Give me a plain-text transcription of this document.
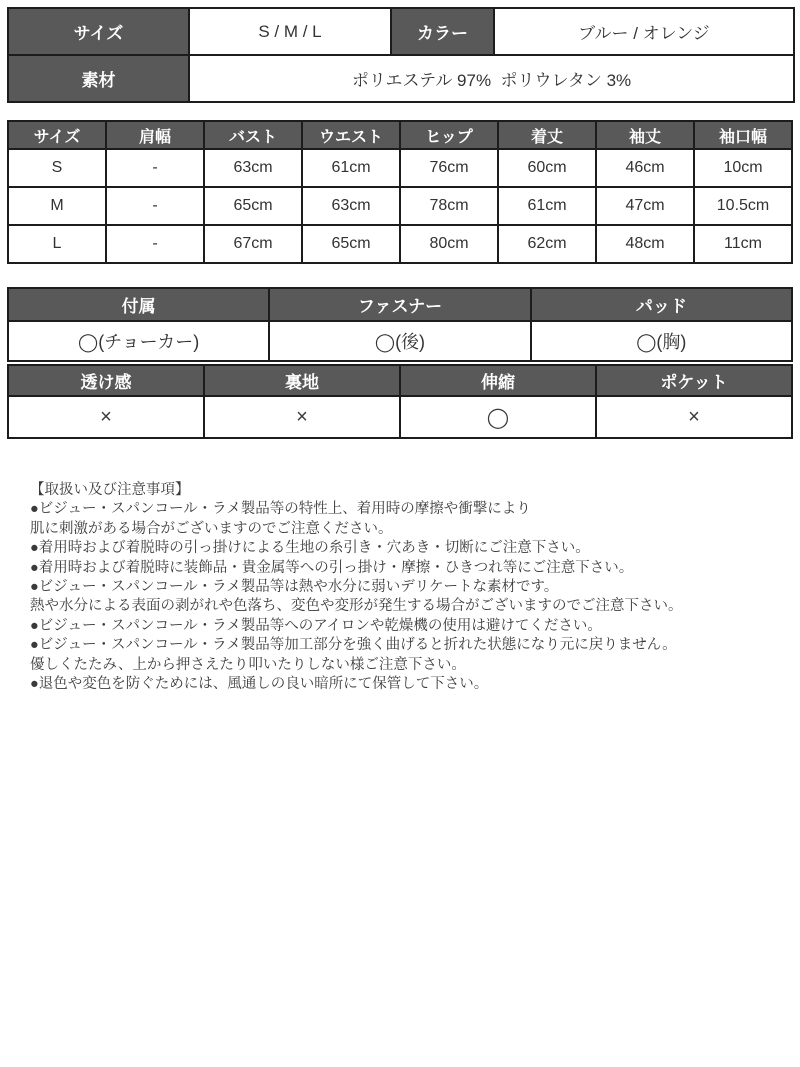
サイズ	S / M / L	カラー	ブルー / オレンジ
素材	ポリエステル 97%  ポリウレタン 3%		
サイズ	肩幅	バスト	ウエスト	ヒップ	着丈	袖丈	袖口幅
S	-	63cm	61cm	76cm	60cm	46cm	10cm
M	-	65cm	63cm	78cm	61cm	47cm	10.5cm
L	-	67cm	65cm	80cm	62cm	48cm	11cm
付属	ファスナー	パッド
◯(チョーカー)	◯(後)	◯(胸)
透け感	裏地	伸縮	ポケット
×	×	◯	×
【取扱い及び注意事項】
●ビジュー・スパンコール・ラメ製品等の特性上、着用時の摩擦や衝撃により
肌に刺激がある場合がございますのでご注意ください。
●着用時および着脱時の引っ掛けによる生地の糸引き・穴あき・切断にご注意下さい。
●着用時および着脱時に装飾品・貴金属等への引っ掛け・摩擦・ひきつれ等にご注意下さい。
●ビジュー・スパンコール・ラメ製品等は熱や水分に弱いデリケートな素材です。
熱や水分による表面の剥がれや色落ち、変色や変形が発生する場合がございますのでご注意下さい。
●ビジュー・スパンコール・ラメ製品等へのアイロンや乾燥機の使用は避けてください。
●ビジュー・スパンコール・ラメ製品等加工部分を強く曲げると折れた状態になり元に戻りません。
優しくたたみ、上から押さえたり叩いたりしない様ご注意下さい。
●退色や変色を防ぐためには、風通しの良い暗所にて保管して下さい。
